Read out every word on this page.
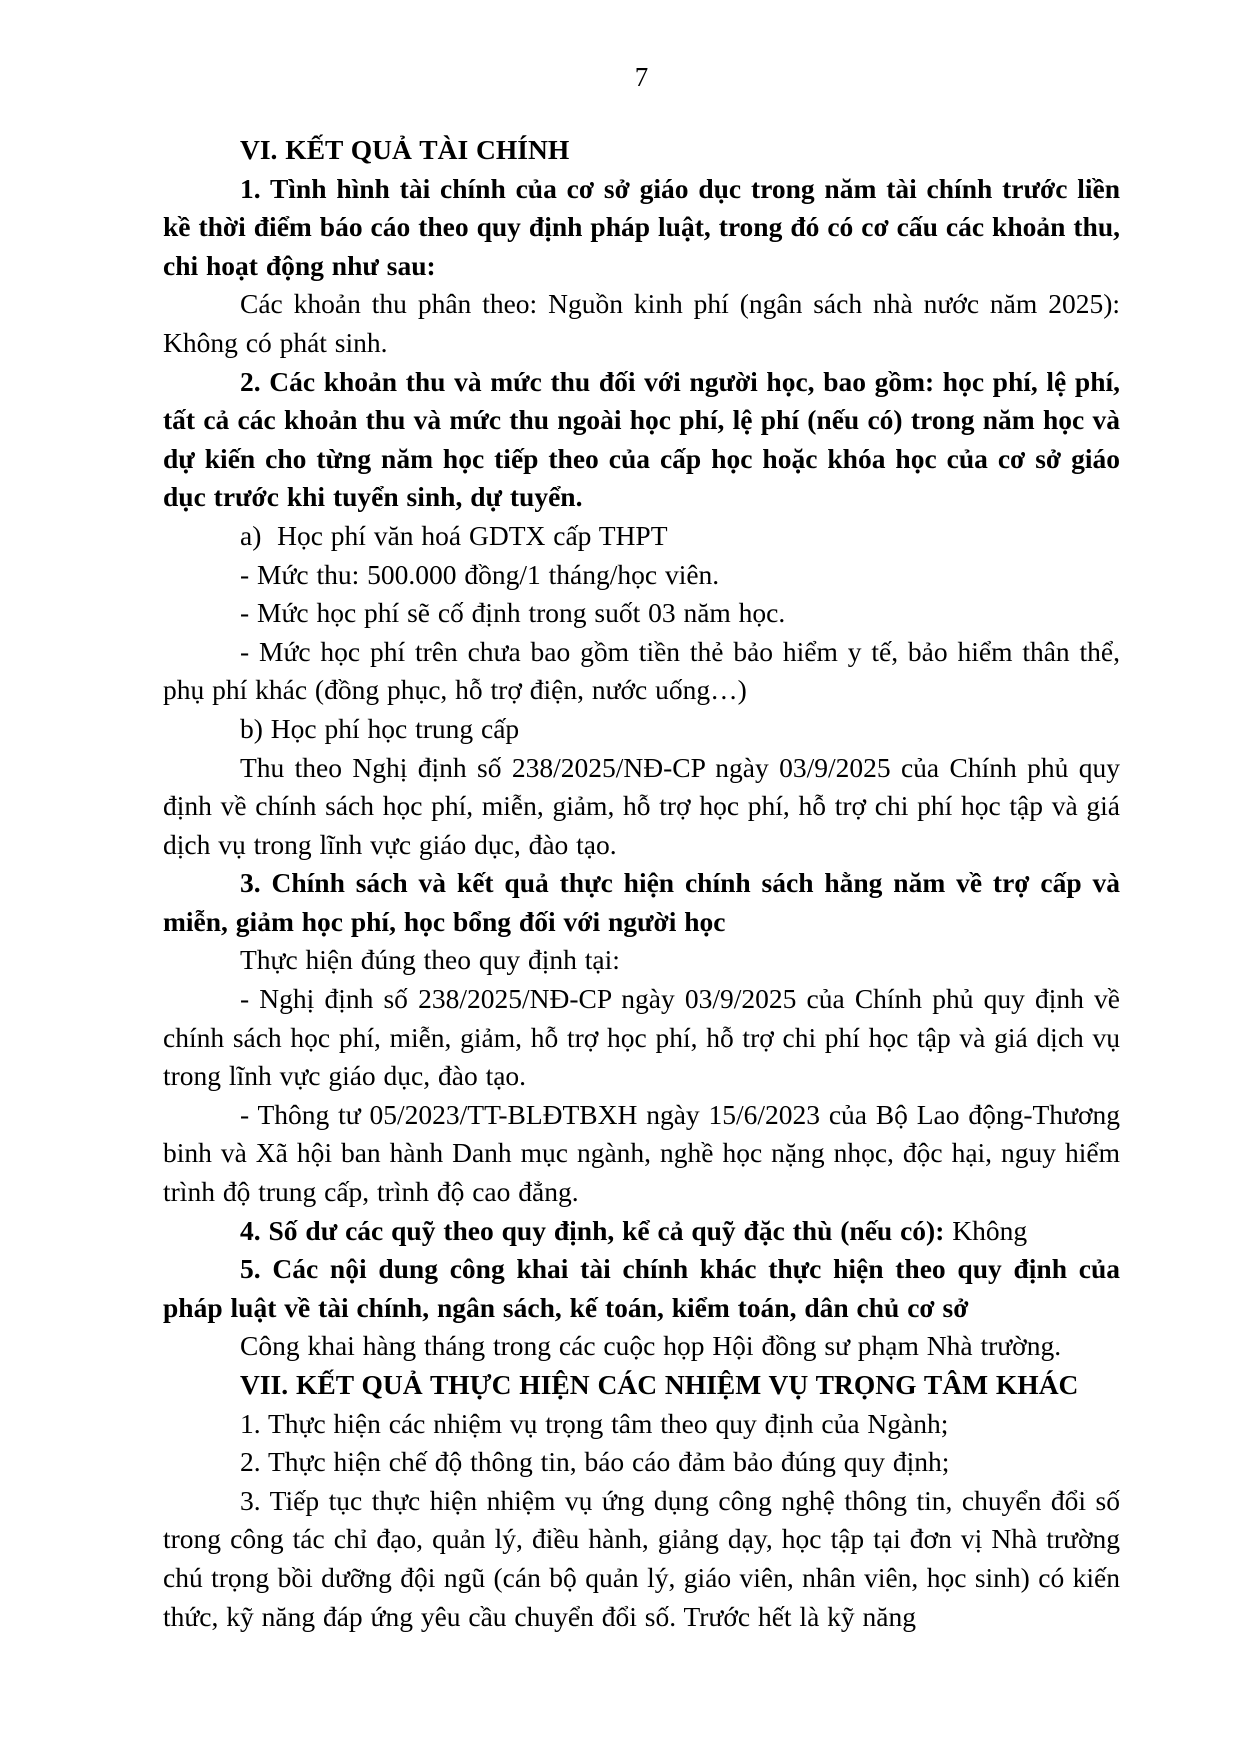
7

VI. KẾT QUẢ TÀI CHÍNH

1. Tình hình tài chính của cơ sở giáo dục trong năm tài chính trước liền kề thời điểm báo cáo theo quy định pháp luật, trong đó có cơ cấu các khoản thu, chi hoạt động như sau:

Các khoản thu phân theo: Nguồn kinh phí (ngân sách nhà nước năm 2025): Không có phát sinh.

2. Các khoản thu và mức thu đối với người học, bao gồm: học phí, lệ phí, tất cả các khoản thu và mức thu ngoài học phí, lệ phí (nếu có) trong năm học và dự kiến cho từng năm học tiếp theo của cấp học hoặc khóa học của cơ sở giáo dục trước khi tuyển sinh, dự tuyển.

a)  Học phí văn hoá GDTX cấp THPT

- Mức thu: 500.000 đồng/1 tháng/học viên.

- Mức học phí sẽ cố định trong suốt 03 năm học.

- Mức học phí trên chưa bao gồm tiền thẻ bảo hiểm y tế, bảo hiểm thân thể, phụ phí khác (đồng phục, hỗ trợ điện, nước uống…)

b) Học phí học trung cấp

Thu theo Nghị định số 238/2025/NĐ-CP ngày 03/9/2025 của Chính phủ quy định về chính sách học phí, miễn, giảm, hỗ trợ học phí, hỗ trợ chi phí học tập và giá dịch vụ trong lĩnh vực giáo dục, đào tạo.

3. Chính sách và kết quả thực hiện chính sách hằng năm về trợ cấp và miễn, giảm học phí, học bổng đối với người học

Thực hiện đúng theo quy định tại:

- Nghị định số 238/2025/NĐ-CP ngày 03/9/2025 của Chính phủ quy định về chính sách học phí, miễn, giảm, hỗ trợ học phí, hỗ trợ chi phí học tập và giá dịch vụ trong lĩnh vực giáo dục, đào tạo.

- Thông tư 05/2023/TT-BLĐTBXH ngày 15/6/2023 của Bộ Lao động-Thương binh và Xã hội ban hành Danh mục ngành, nghề học nặng nhọc, độc hại, nguy hiểm trình độ trung cấp, trình độ cao đẳng.

4. Số dư các quỹ theo quy định, kể cả quỹ đặc thù (nếu có): Không

5. Các nội dung công khai tài chính khác thực hiện theo quy định của pháp luật về tài chính, ngân sách, kế toán, kiểm toán, dân chủ cơ sở

Công khai hàng tháng trong các cuộc họp Hội đồng sư phạm Nhà trường.

VII. KẾT QUẢ THỰC HIỆN CÁC NHIỆM VỤ TRỌNG TÂM KHÁC

1. Thực hiện các nhiệm vụ trọng tâm theo quy định của Ngành;

2. Thực hiện chế độ thông tin, báo cáo đảm bảo đúng quy định;

3. Tiếp tục thực hiện nhiệm vụ ứng dụng công nghệ thông tin, chuyển đổi số trong công tác chỉ đạo, quản lý, điều hành, giảng dạy, học tập tại đơn vị Nhà trường chú trọng bồi dưỡng đội ngũ (cán bộ quản lý, giáo viên, nhân viên, học sinh) có kiến thức, kỹ năng đáp ứng yêu cầu chuyển đổi số. Trước hết là kỹ năng
